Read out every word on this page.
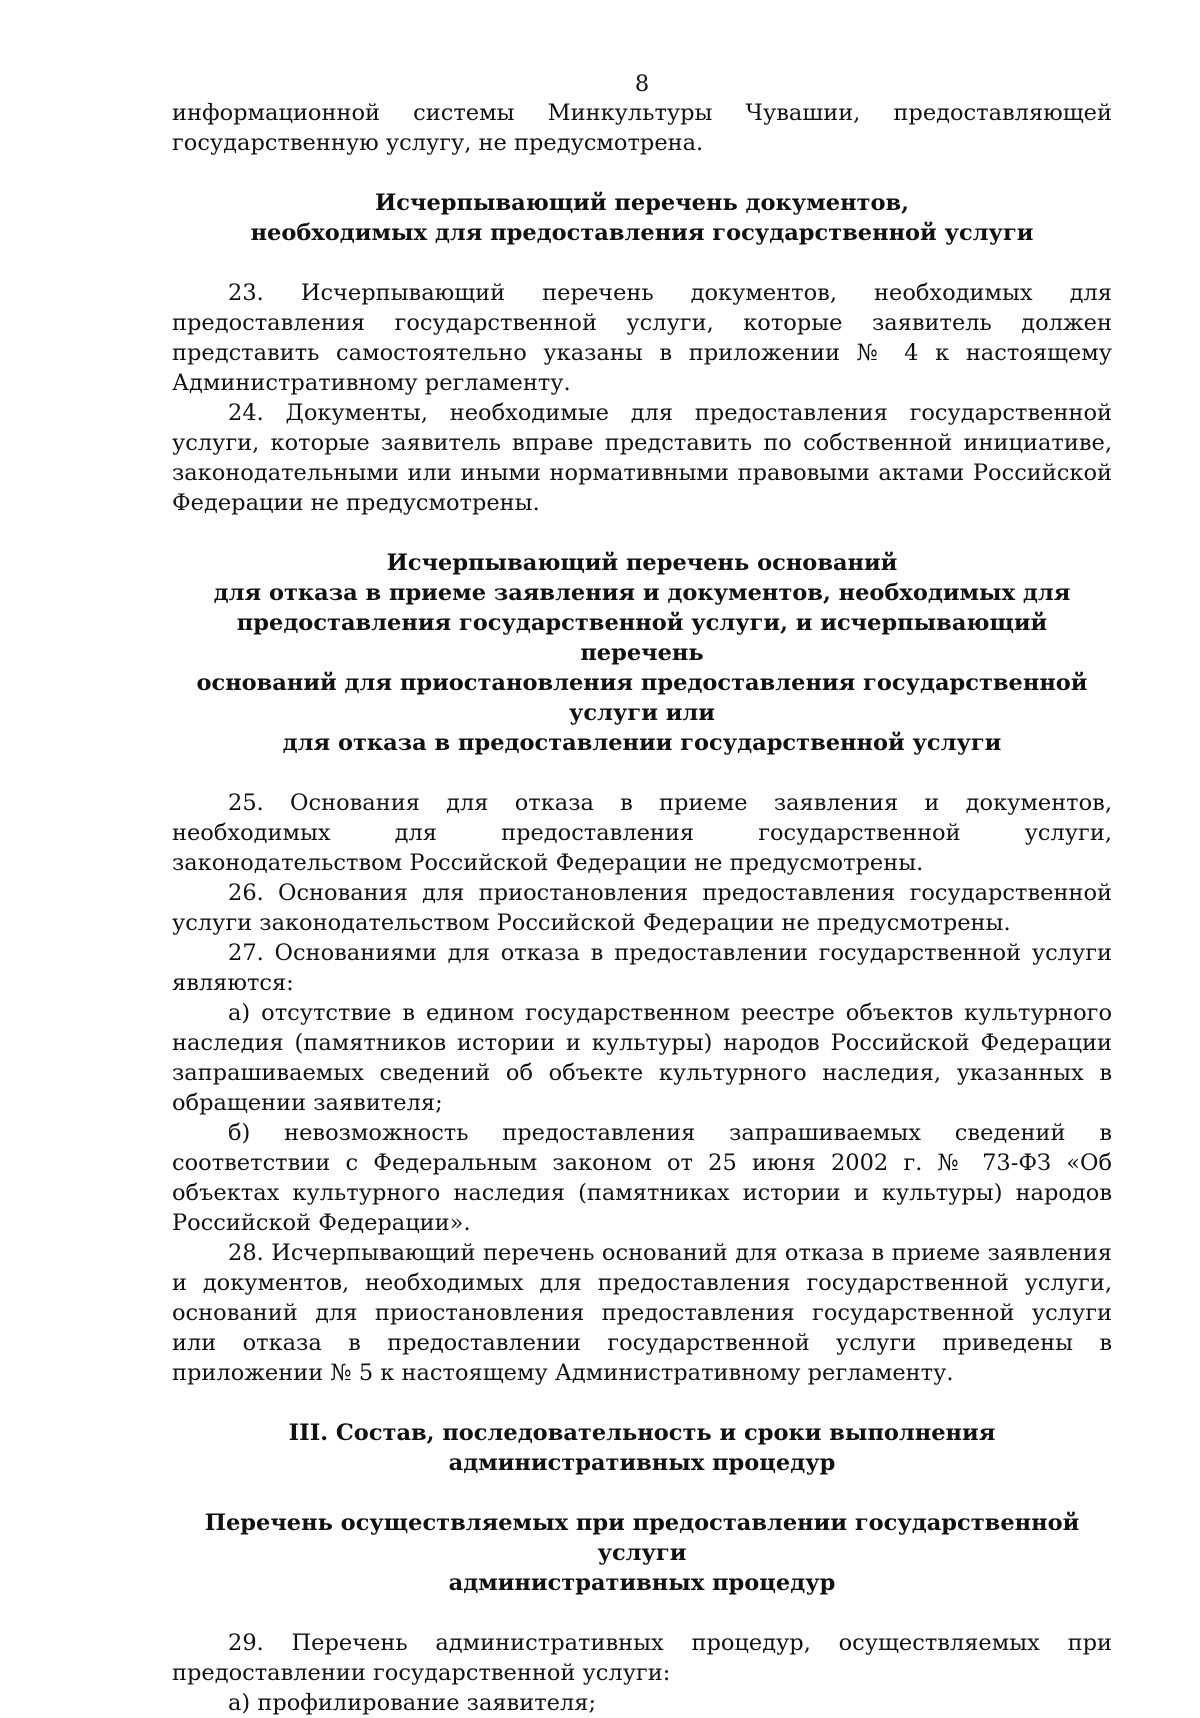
8

информационной системы Минкультуры Чувашии, предоставляющей государственную услугу, не предусмотрена.

Исчерпывающий перечень документов,
необходимых для предоставления государственной услуги

23. Исчерпывающий перечень документов, необходимых для предоставления государственной услуги, которые заявитель должен представить самостоятельно указаны в приложении № 4 к настоящему Административному регламенту.

24. Документы, необходимые для предоставления государственной услуги, которые заявитель вправе представить по собственной инициативе, законодательными или иными нормативными правовыми актами Российской Федерации не предусмотрены.

Исчерпывающий перечень оснований
для отказа в приеме заявления и документов, необходимых для
предоставления государственной услуги, и исчерпывающий перечень
оснований для приостановления предоставления государственной услуги или
для отказа в предоставлении государственной услуги

25. Основания для отказа в приеме заявления и документов, необходимых для предоставления государственной услуги, законодательством Российской Федерации не предусмотрены.

26. Основания для приостановления предоставления государственной услуги законодательством Российской Федерации не предусмотрены.

27. Основаниями для отказа в предоставлении государственной услуги являются:

а) отсутствие в едином государственном реестре объектов культурного наследия (памятников истории и культуры) народов Российской Федерации запрашиваемых сведений об объекте культурного наследия, указанных в обращении заявителя;

б) невозможность предоставления запрашиваемых сведений в соответствии с Федеральным законом от 25 июня 2002 г. № 73-ФЗ «Об объектах культурного наследия (памятниках истории и культуры) народов Российской Федерации».

28. Исчерпывающий перечень оснований для отказа в приеме заявления и документов, необходимых для предоставления государственной услуги, оснований для приостановления предоставления государственной услуги или отказа в предоставлении государственной услуги приведены в приложении № 5 к настоящему Административному регламенту.

III. Состав, последовательность и сроки выполнения
административных процедур
Перечень осуществляемых при предоставлении государственной услуги
административных процедур

29. Перечень административных процедур, осуществляемых при предоставлении государственной услуги:

а) профилирование заявителя;
